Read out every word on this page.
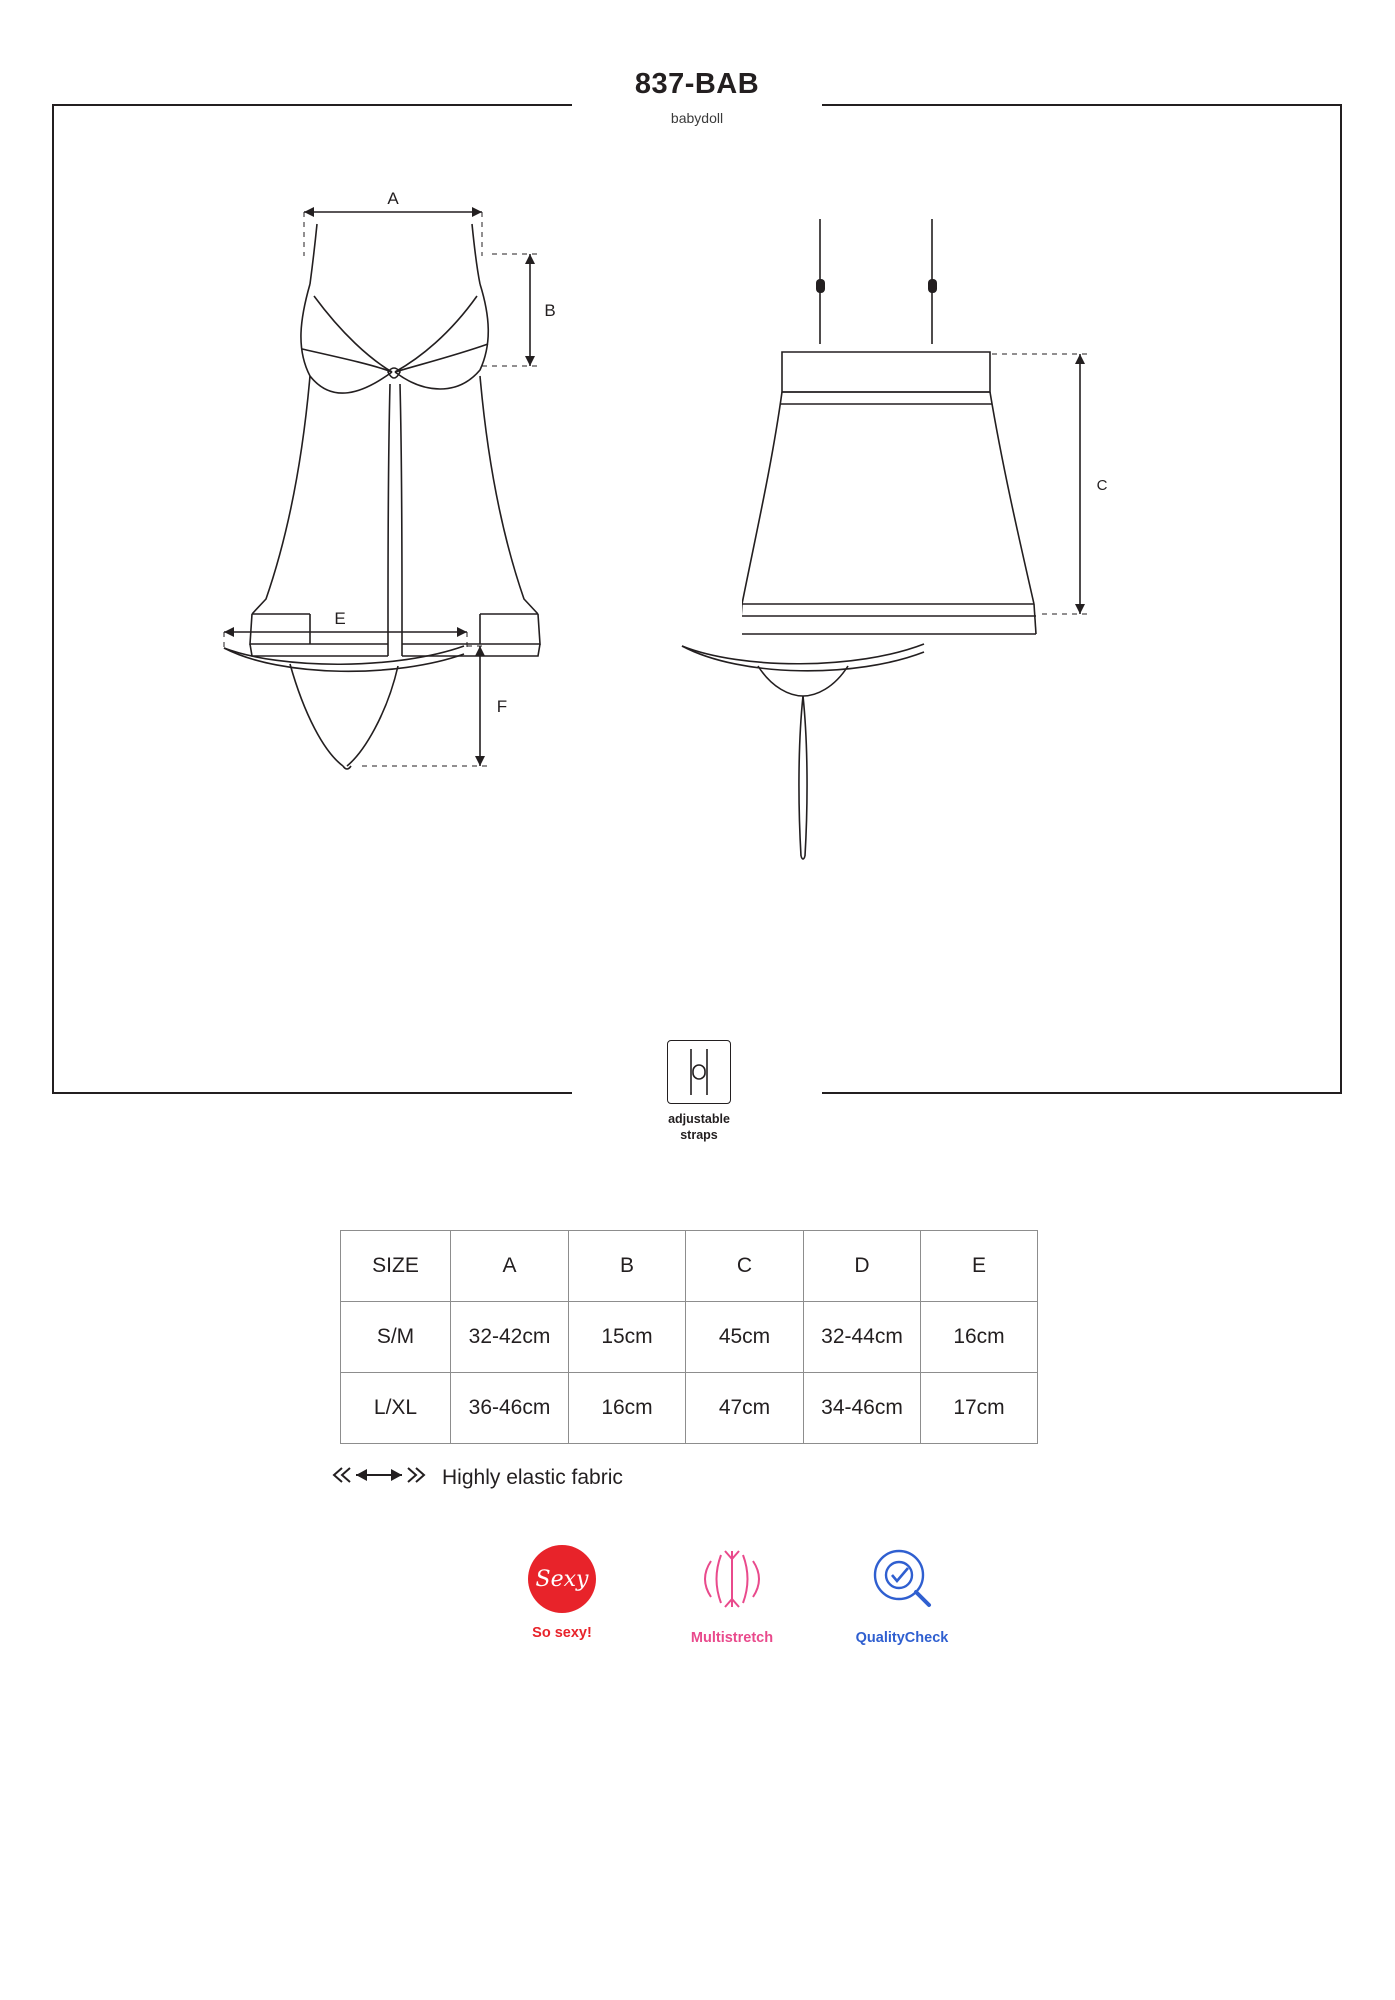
837-BAB
babydoll
A
B
C
E
F
adjustable
straps
SIZE	A	B	C	D	E
S/M	32-42cm	15cm	45cm	32-44cm	16cm
L/XL	36-46cm	16cm	47cm	34-46cm	17cm
Highly elastic fabric
Sexy
So sexy!	Multistretch	QualityCheck
